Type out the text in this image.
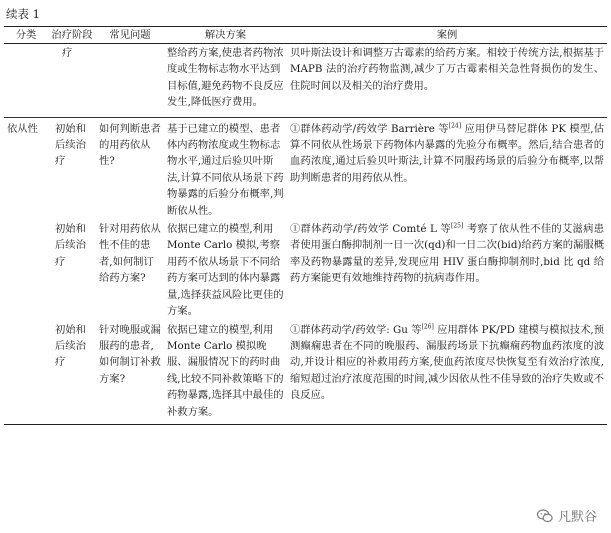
续表 1
分类	治疗阶段	常见问题	解决方案	案例
	疗		整给药方案,使患者药物浓度或生物标志物水平达到目标值,避免药物不良反应发生,降低医疗费用。	贝叶斯法设计和调整万古霉素的给药方案。相较于传统方法,根据基于 MAPB 法的治疗药物监测,减少了万古霉素相关急性肾损伤的发生、住院时间以及相关的治疗费用。
依从性	初始和后续治疗	如何判断患者的用药依从性?	基于已建立的模型、患者体内药物浓度或生物标志物水平,通过后验贝叶斯法,计算不同依从场景下药物暴露的后验分布概率,判断依从性。	①群体药动学/药效学 Barrière 等[24] 应用伊马替尼群体 PK 模型,估算不同依从性场景下药物体内暴露的先验分布概率。然后,结合患者的血药浓度,通过后验贝叶斯法,计算不同服药场景的后验分布概率,以帮助判断患者的用药依从性。
	初始和后续治疗	针对用药依从性不佳的患者,如何制订给药方案?	依据已建立的模型,利用 Monte Carlo 模拟,考察用药不依从场景下不同给药方案可达到的体内暴露量,选择获益风险比更佳的方案。	①群体药动学/药效学 Comté L 等[25] 考察了依从性不佳的艾滋病患者使用蛋白酶抑制剂一日一次(qd)和一日二次(bid)给药方案的漏服概率及药物暴露量的差异,发现应用 HIV 蛋白酶抑制剂时,bid 比 qd 给药方案能更有效地维持药物的抗病毒作用。
	初始和后续治疗	针对晚服或漏服药的患者,如何制订补救方案?	依据已建立的模型,利用 Monte Carlo 模拟晚服、漏服情况下的药时曲线,比较不同补救策略下的药物暴露,选择其中最佳的补救方案。	①群体药动学/药效学: Gu 等[26] 应用群体 PK/PD 建模与模拟技术,预测癫痫患者在不同的晚服药、漏服药场景下抗癫痫药物血药浓度的波动,并设计相应的补救用药方案,使血药浓度尽快恢复至有效治疗浓度,缩短超过治疗浓度范围的时间,减少因依从性不佳导致的治疗失败或不良反应。
凡默谷
